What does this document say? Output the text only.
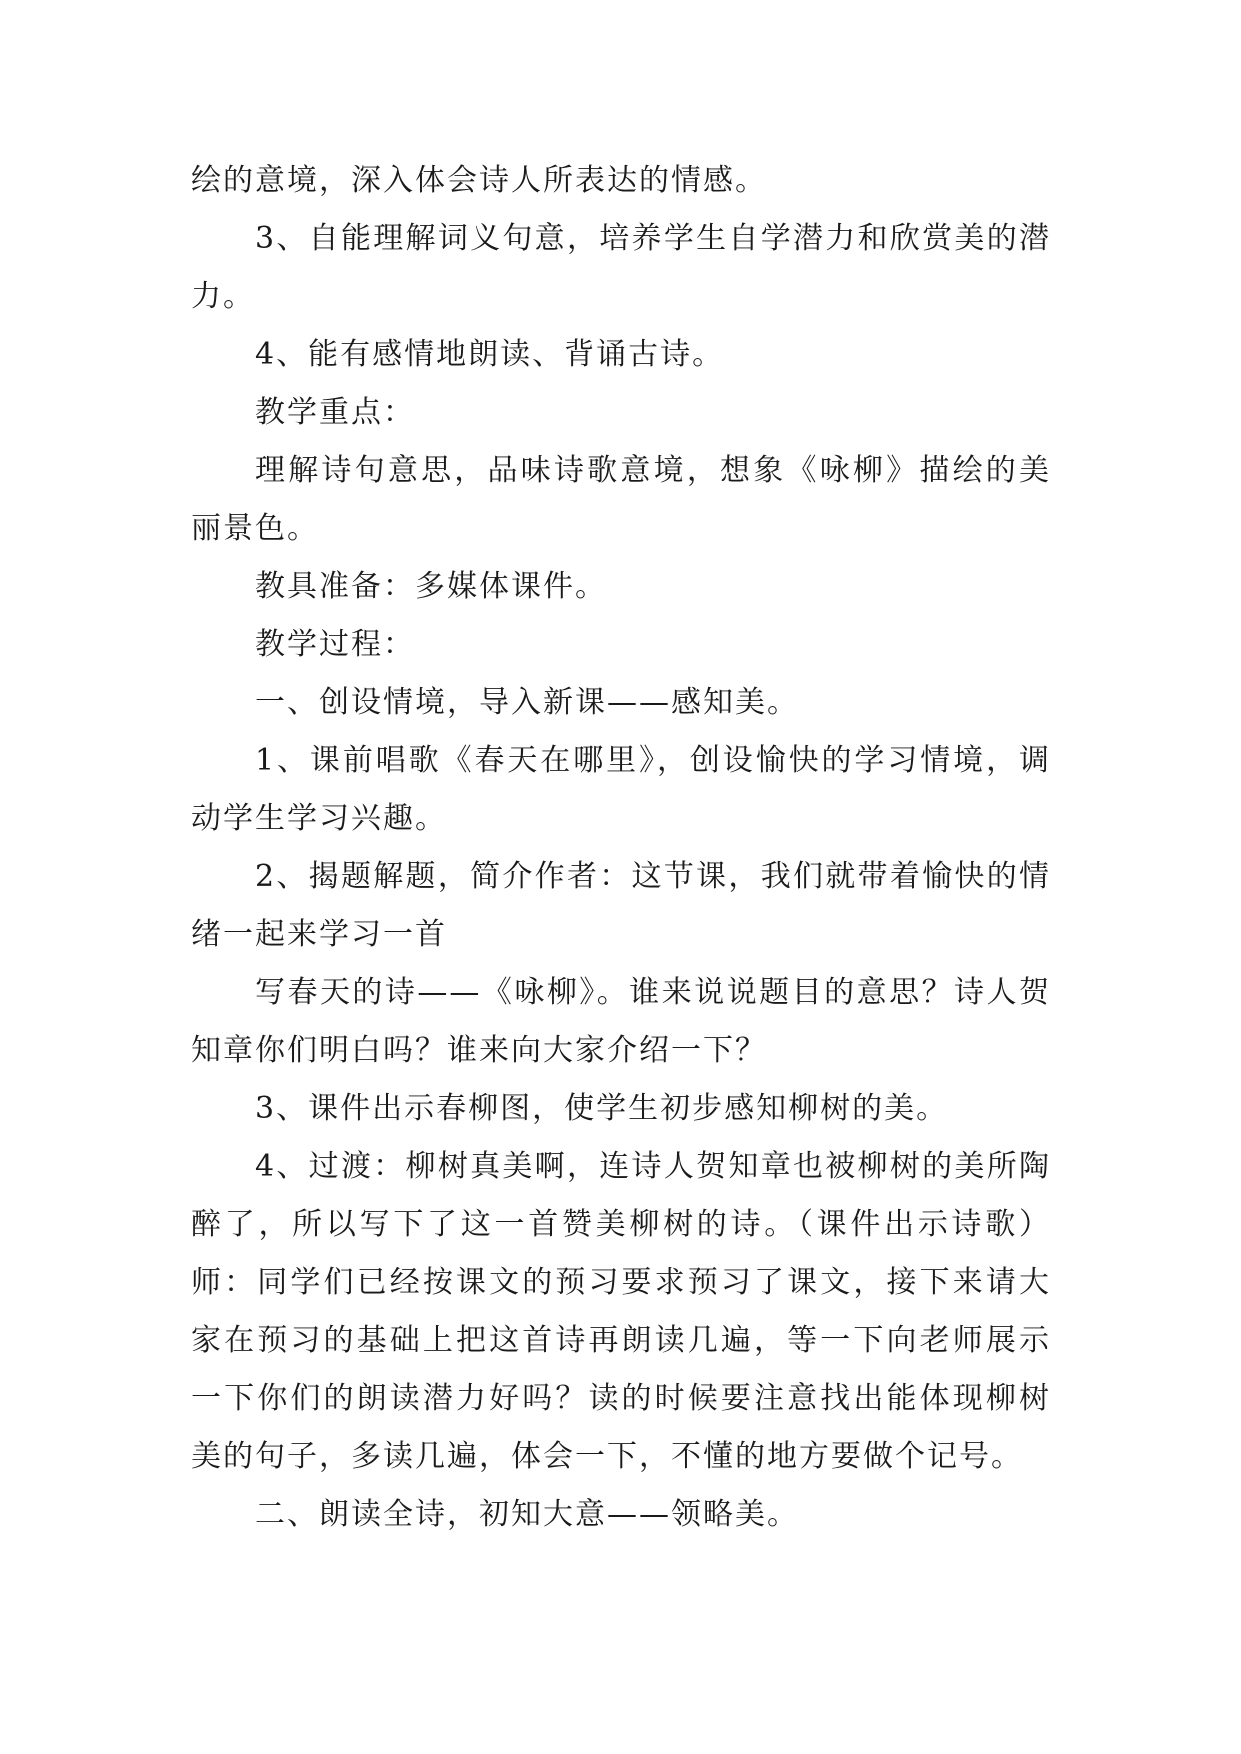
绘的意境，深入体会诗人所表达的情感。

3、自能理解词义句意，培养学生自学潜力和欣赏美的潜力。

4、能有感情地朗读、背诵古诗。

教学重点：

理解诗句意思，品味诗歌意境，想象《咏柳》描绘的美丽景色。

教具准备：多媒体课件。

教学过程：

一、创设情境，导入新课——感知美。

1、课前唱歌《春天在哪里》，创设愉快的学习情境，调动学生学习兴趣。

2、揭题解题，简介作者：这节课，我们就带着愉快的情绪一起来学习一首

写春天的诗——《咏柳》。谁来说说题目的意思？诗人贺知章你们明白吗？谁来向大家介绍一下？

3、课件出示春柳图，使学生初步感知柳树的美。

4、过渡：柳树真美啊，连诗人贺知章也被柳树的美所陶醉了，所以写下了这一首赞美柳树的诗。（课件出示诗歌）师：同学们已经按课文的预习要求预习了课文，接下来请大家在预习的基础上把这首诗再朗读几遍，等一下向老师展示一下你们的朗读潜力好吗？读的时候要注意找出能体现柳树美的句子，多读几遍，体会一下，不懂的地方要做个记号。

二、朗读全诗，初知大意——领略美。
